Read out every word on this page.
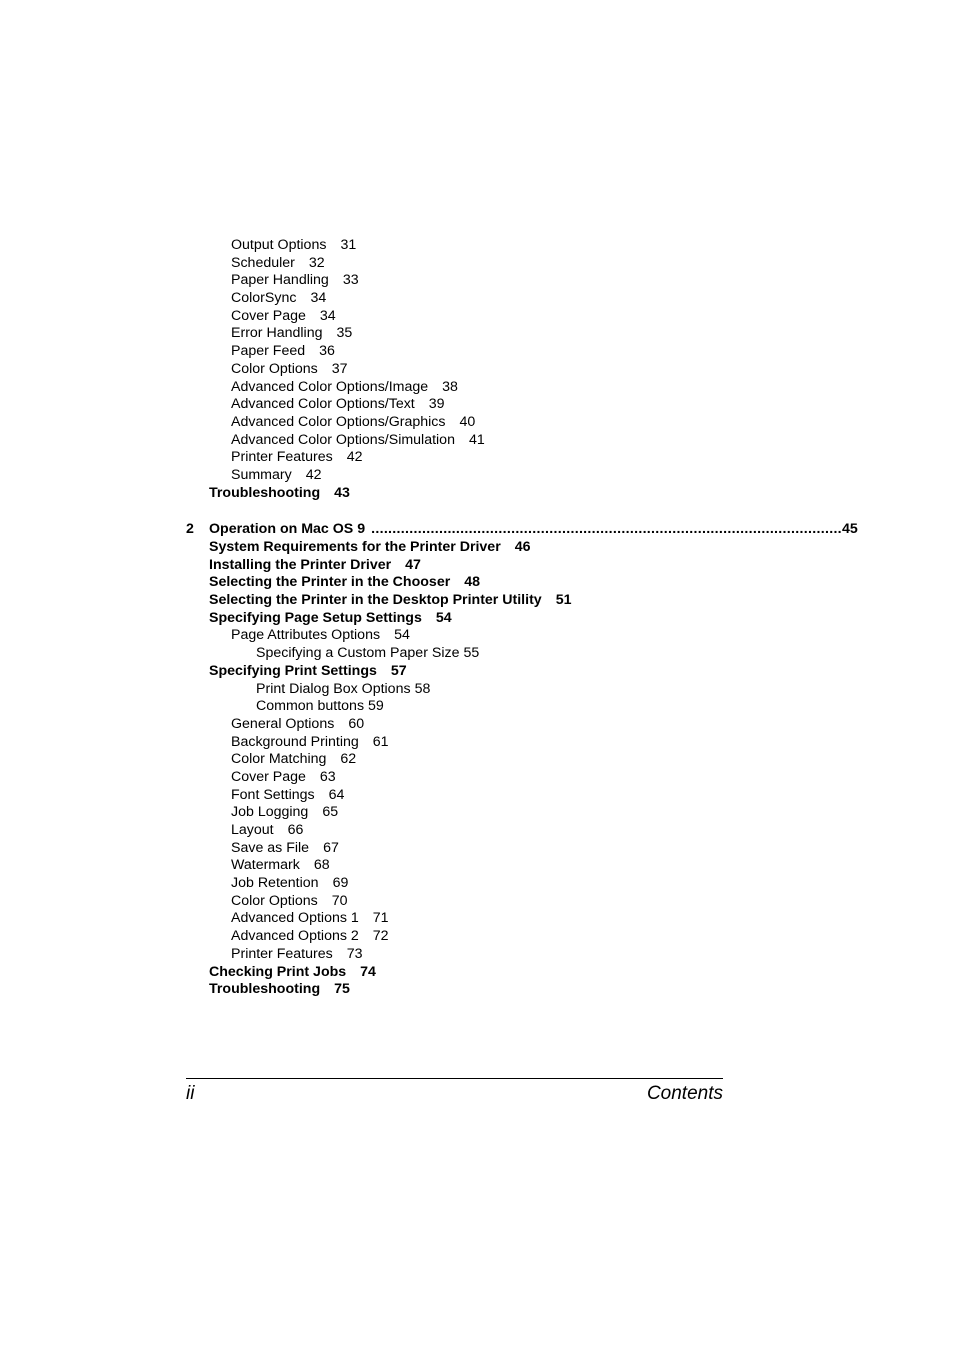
Output Options 31
Scheduler 32
Paper Handling 33
ColorSync 34
Cover Page 34
Error Handling 35
Paper Feed 36
Color Options 37
Advanced Color Options/Image 38
Advanced Color Options/Text 39
Advanced Color Options/Graphics 40
Advanced Color Options/Simulation 41
Printer Features 42
Summary 42
Troubleshooting 43
2	Operation on Mac OS 9 ............................................................................................................... 45
System Requirements for the Printer Driver 46
Installing the Printer Driver 47
Selecting the Printer in the Chooser 48
Selecting the Printer in the Desktop Printer Utility 51
Specifying Page Setup Settings 54
Page Attributes Options 54
Specifying a Custom Paper Size 55
Specifying Print Settings 57
Print Dialog Box Options 58
Common buttons 59
General Options 60
Background Printing 61
Color Matching 62
Cover Page 63
Font Settings 64
Job Logging 65
Layout 66
Save as File 67
Watermark 68
Job Retention 69
Color Options 70
Advanced Options 1 71
Advanced Options 2 72
Printer Features 73
Checking Print Jobs 74
Troubleshooting 75
ii	Contents
